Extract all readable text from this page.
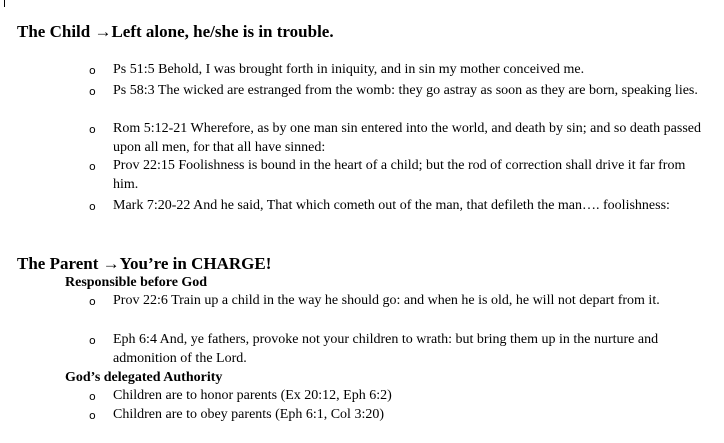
The Child →Left alone, he/she is in trouble.
o	Ps 51:5 Behold, I was brought forth in iniquity, and in sin my mother conceived me.
o	Ps 58:3 The wicked are estranged from the womb: they go astray as soon as they are born, speaking lies.
o	Rom 5:12-21 Wherefore, as by one man sin entered into the world, and death by sin; and so death passed upon all men, for that all have sinned:
o	Prov 22:15 Foolishness is bound in the heart of a child; but the rod of correction shall drive it far from him.
o	Mark 7:20-22 And he said, That which cometh out of the man, that defileth the man…. foolishness:
The Parent →You’re in CHARGE!
Responsible before God
o	Prov 22:6 Train up a child in the way he should go: and when he is old, he will not depart from it.
o	Eph 6:4 And, ye fathers, provoke not your children to wrath: but bring them up in the nurture and admonition of the Lord.
God’s delegated Authority
o	Children are to honor parents (Ex 20:12, Eph 6:2)
o	Children are to obey parents (Eph 6:1, Col 3:20)
